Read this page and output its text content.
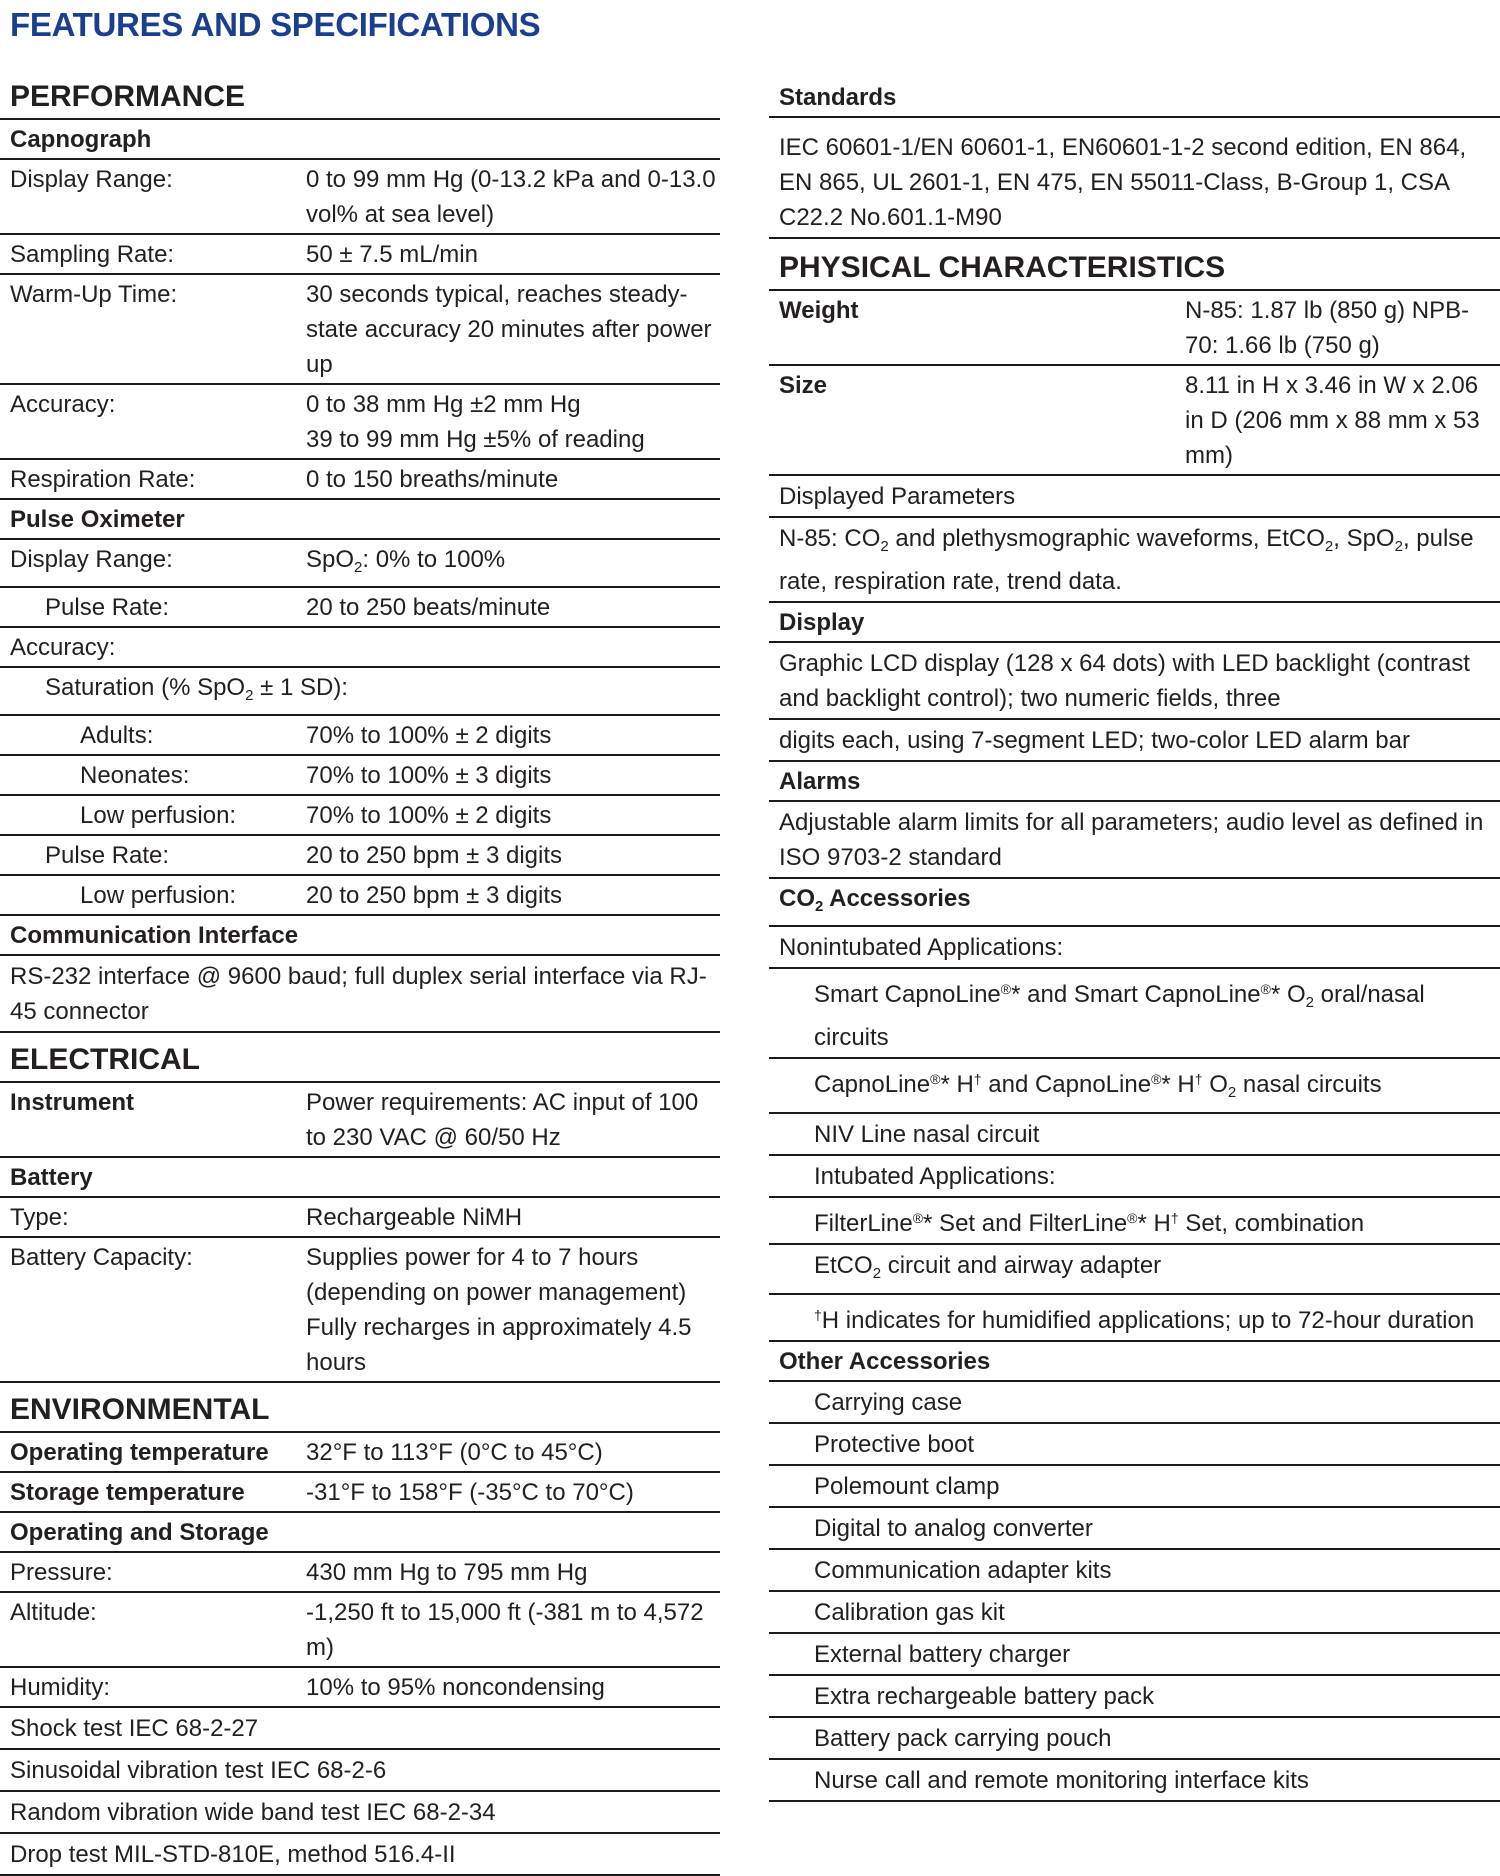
FEATURES AND SPECIFICATIONS
PERFORMANCE
Capnograph
Display Range:	0 to 99 mm Hg (0-13.2 kPa and 0-13.0 vol% at sea level)
Sampling Rate:	50 ± 7.5 mL/min
Warm-Up Time:	30 seconds typical, reaches steady-state accuracy 20 minutes after power up
Accuracy:	0 to 38 mm Hg ±2 mm Hg
39 to 99 mm Hg ±5% of reading
Respiration Rate:	0 to 150 breaths/minute
Pulse Oximeter
Display Range:	SpO$_2$: 0% to 100%
Pulse Rate:	20 to 250 beats/minute
Accuracy:
Saturation (% SpO$_2$ ± 1 SD):
Adults:	70% to 100% ± 2 digits
Neonates:	70% to 100% ± 3 digits
Low perfusion:	70% to 100% ± 2 digits
Pulse Rate:	20 to 250 bpm ± 3 digits
Low perfusion:	20 to 250 bpm ± 3 digits
Communication Interface
RS-232 interface @ 9600 baud; full duplex serial interface via RJ-45 connector
ELECTRICAL
Instrument	Power requirements: AC input of 100 to 230 VAC @ 60/50 Hz
Battery
Type:	Rechargeable NiMH
Battery Capacity:	Supplies power for 4 to 7 hours (depending on power management)
Fully recharges in approximately 4.5 hours
ENVIRONMENTAL
Operating temperature	32°F to 113°F (0°C to 45°C)
Storage temperature	-31°F to 158°F (-35°C to 70°C)
Operating and Storage
Pressure:	430 mm Hg to 795 mm Hg
Altitude:	-1,250 ft to 15,000 ft (-381 m to 4,572 m)
Humidity:	10% to 95% noncondensing
Shock test IEC 68-2-27
Sinusoidal vibration test IEC 68-2-6
Random vibration wide band test IEC 68-2-34
Drop test MIL-STD-810E, method 516.4-II
Standards
IEC 60601-1/EN 60601-1, EN60601-1-2 second edition, EN 864, EN 865, UL 2601-1, EN 475, EN 55011-Class, B-Group 1, CSA C22.2 No.601.1-M90
PHYSICAL CHARACTERISTICS
Weight	N-85: 1.87 lb (850 g) NPB-70: 1.66 lb (750 g)
Size	8.11 in H x 3.46 in W x 2.06 in D (206 mm x 88 mm x 53 mm)
Displayed Parameters
N-85: $CO_2$ and plethysmographic waveforms, EtCO$_2$, SpO$_2$, pulse rate, respiration rate, trend data.
Display
Graphic LCD display (128 x 64 dots) with LED backlight (contrast and backlight control); two numeric fields, three
digits each, using 7-segment LED; two-color LED alarm bar
Alarms
Adjustable alarm limits for all parameters; audio level as defined in ISO 9703-2 standard
$CO_2$ Accessories
Nonintubated Applications:
Smart CapnoLine®* and Smart CapnoLine®* $O_2$ oral/nasal circuits
CapnoLine®* H† and CapnoLine®* H† $O_2$ nasal circuits
NIV Line nasal circuit
Intubated Applications:
FilterLine®* Set and FilterLine®* H† Set, combination
EtCO$_2$ circuit and airway adapter
†H indicates for humidified applications; up to 72-hour duration
Other Accessories
Carrying case
Protective boot
Polemount clamp
Digital to analog converter
Communication adapter kits
Calibration gas kit
External battery charger
Extra rechargeable battery pack
Battery pack carrying pouch
Nurse call and remote monitoring interface kits
